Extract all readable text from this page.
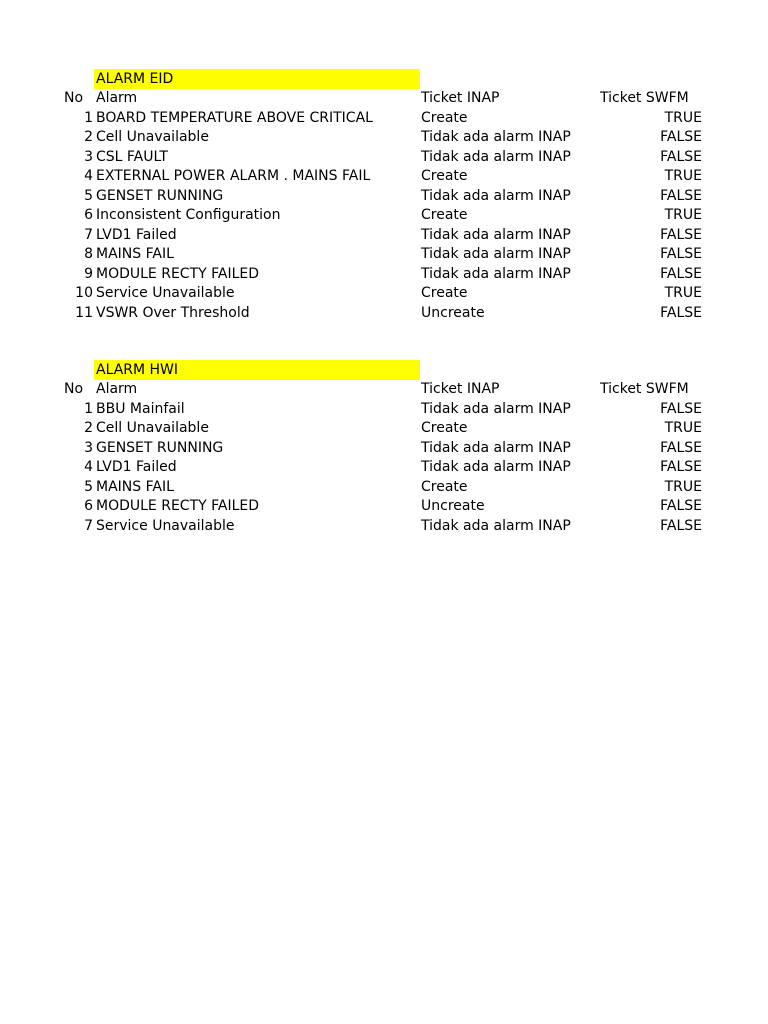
ALARM EID
No Alarm	Ticket INAP	Ticket SWFM
1 BOARD TEMPERATURE ABOVE CRITICAL	Create	TRUE
2 Cell Unavailable	Tidak ada alarm INAP	FALSE
3 CSL FAULT	Tidak ada alarm INAP	FALSE
4 EXTERNAL POWER ALARM . MAINS FAIL	Create	TRUE
5 GENSET RUNNING	Tidak ada alarm INAP	FALSE
6 Inconsistent Configuration	Create	TRUE
7 LVD1 Failed	Tidak ada alarm INAP	FALSE
8 MAINS FAIL	Tidak ada alarm INAP	FALSE
9 MODULE RECTY FAILED	Tidak ada alarm INAP	FALSE
10 Service Unavailable	Create	TRUE
11 VSWR Over Threshold	Uncreate	FALSE
ALARM HWI
No Alarm	Ticket INAP	Ticket SWFM
1 BBU Mainfail	Tidak ada alarm INAP	FALSE
2 Cell Unavailable	Create	TRUE
3 GENSET RUNNING	Tidak ada alarm INAP	FALSE
4 LVD1 Failed	Tidak ada alarm INAP	FALSE
5 MAINS FAIL	Create	TRUE
6 MODULE RECTY FAILED	Uncreate	FALSE
7 Service Unavailable	Tidak ada alarm INAP	FALSE
